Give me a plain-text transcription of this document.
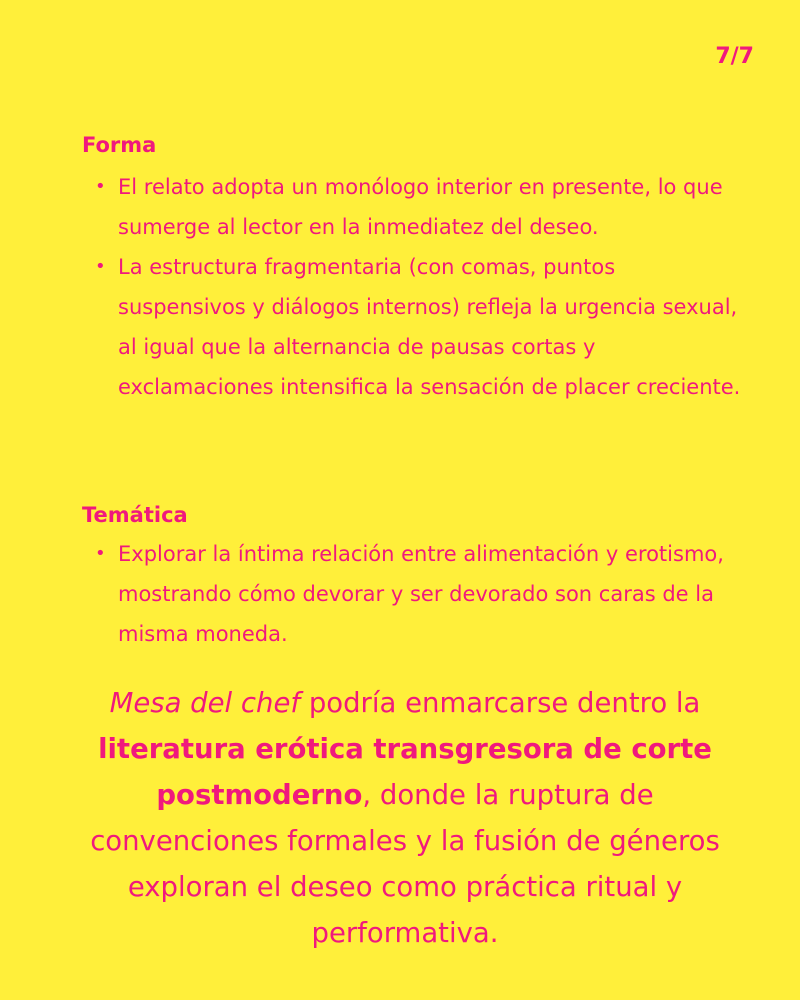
7/7
Forma
• El relato adopta un monólogo interior en presente, lo que sumerge al lector en la inmediatez del deseo.
• La estructura fragmentaria (con comas, puntos suspensivos y diálogos internos) refleja la urgencia sexual, al igual que la alternancia de pausas cortas y exclamaciones intensifica la sensación de placer creciente.
Temática
• Explorar la íntima relación entre alimentación y erotismo, mostrando cómo devorar y ser devorado son caras de la misma moneda.

Mesa del chef podría enmarcarse dentro la literatura erótica transgresora de corte postmoderno, donde la ruptura de convenciones formales y la fusión de géneros exploran el deseo como práctica ritual y performativa.
